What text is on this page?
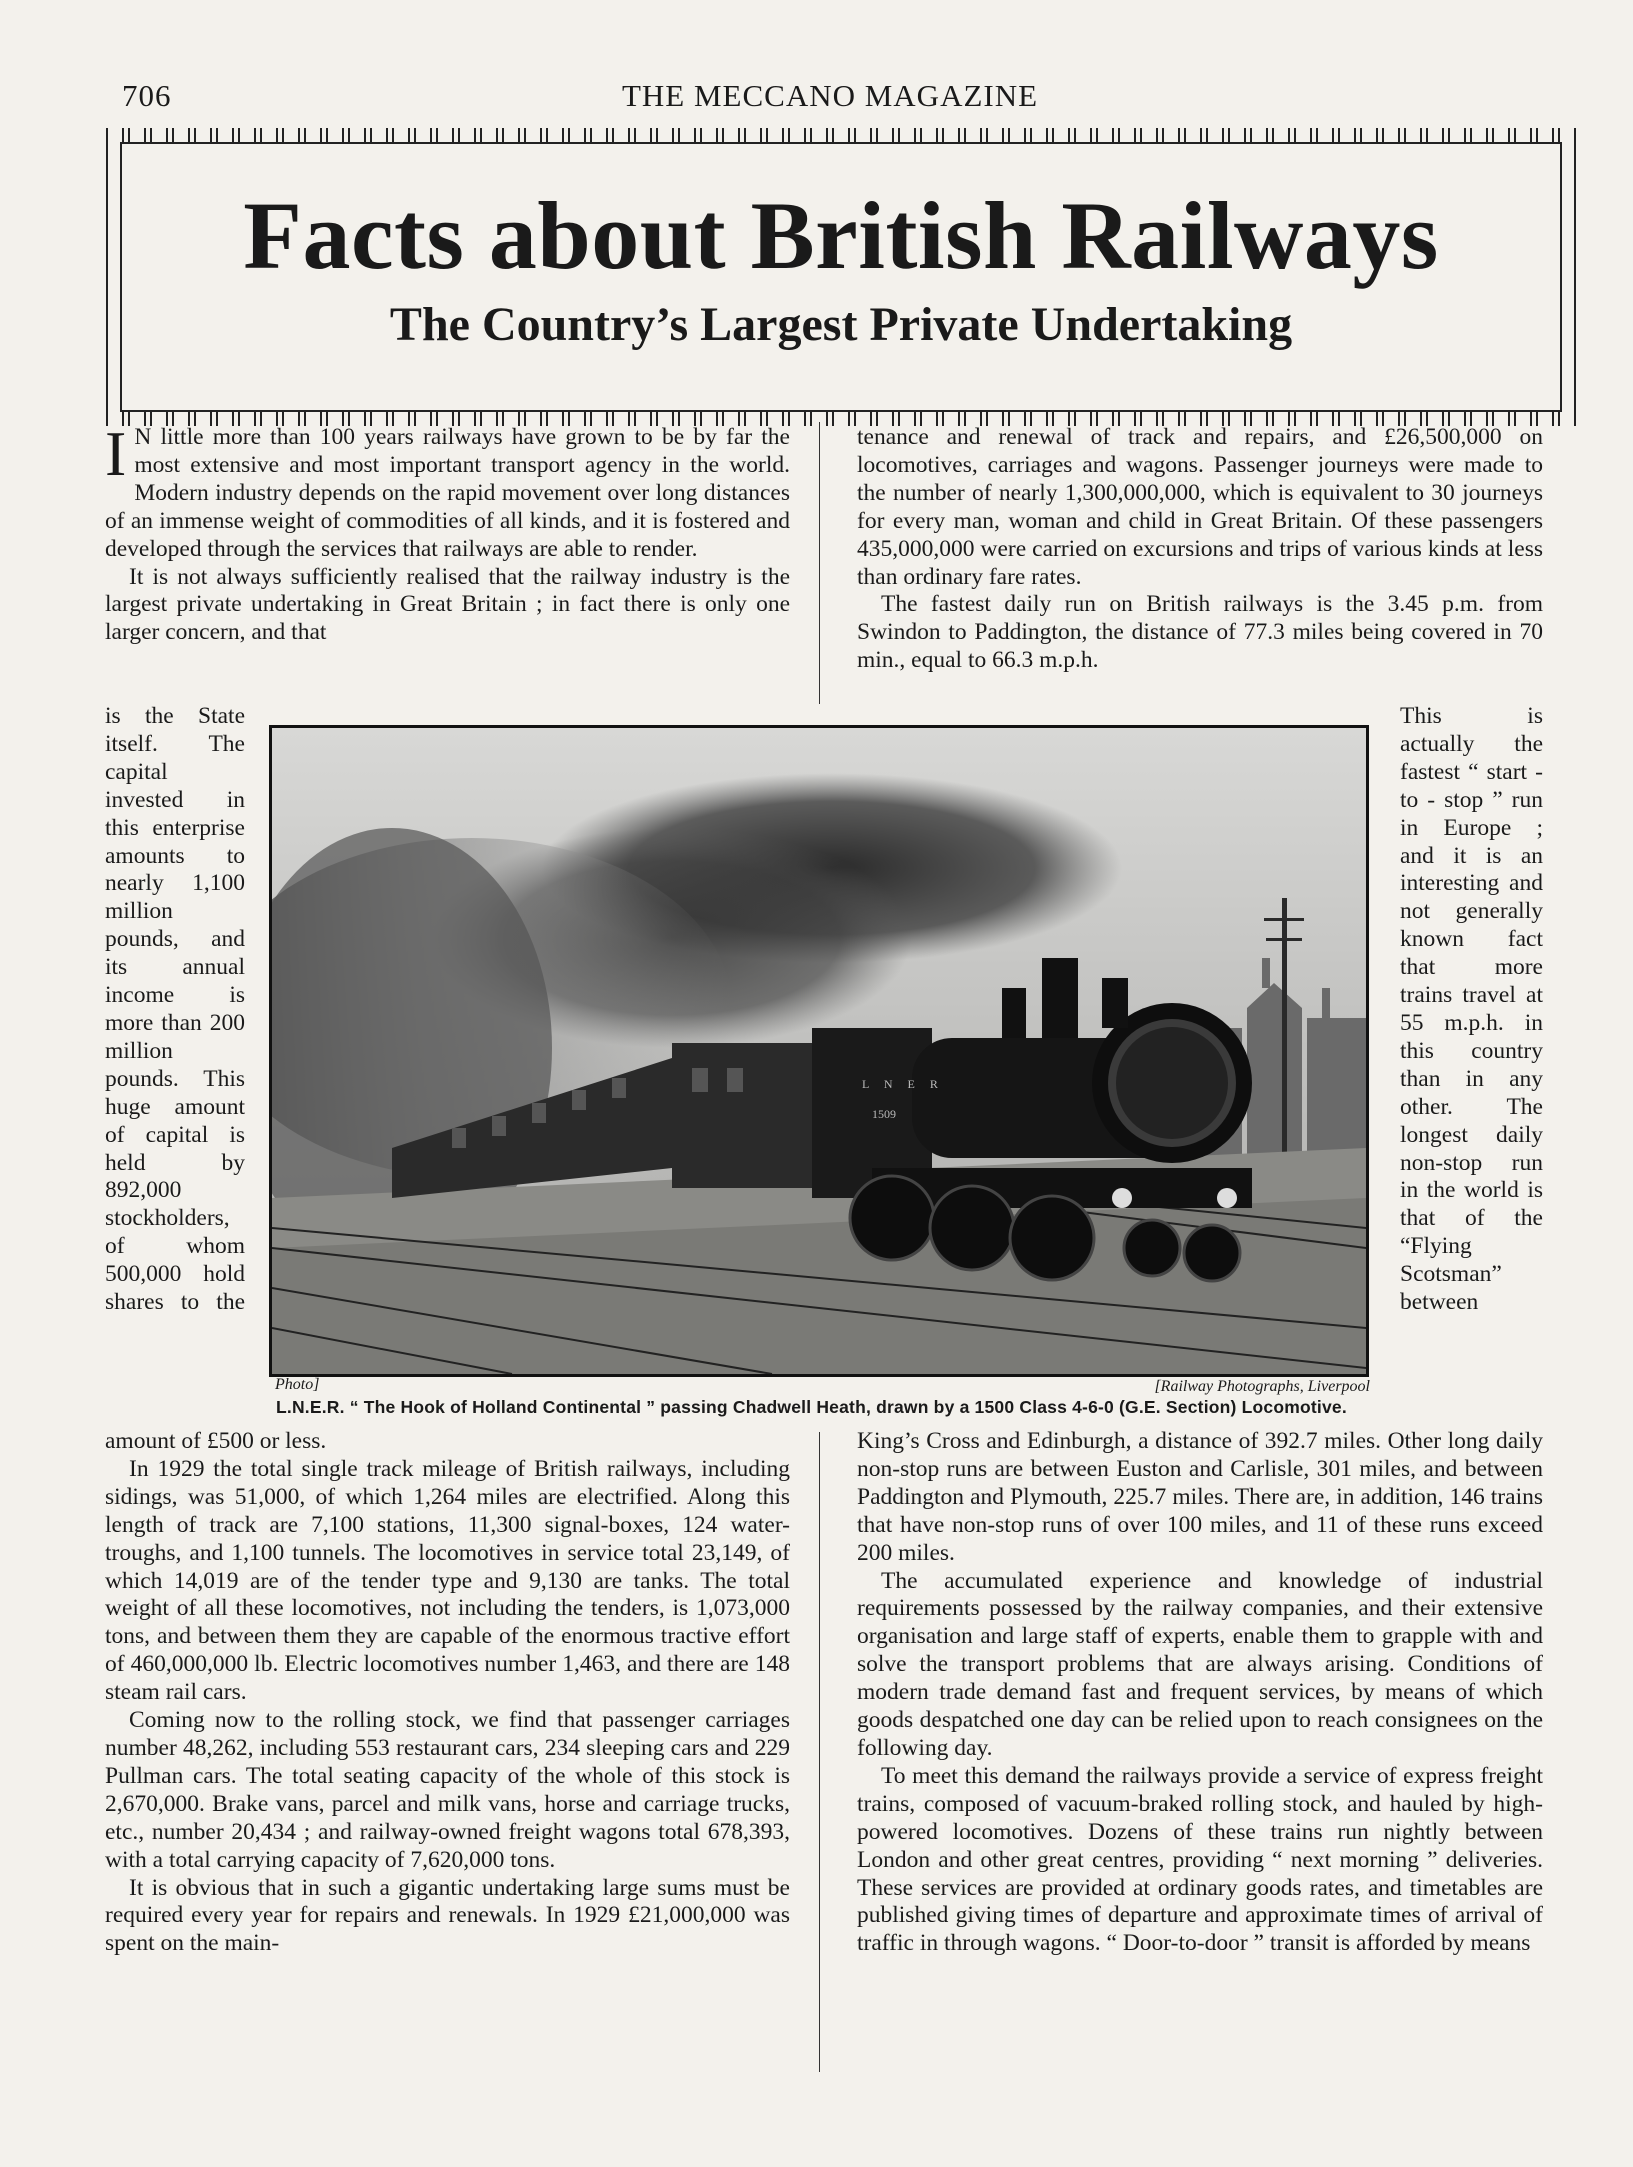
706	THE MECCANO MAGAZINE
Facts about British Railways
The Country’s Largest Private Undertaking

I N little more than 100 years railways have grown to be by far the most extensive and most important transport agency in the world. Modern industry depends on the rapid movement over long distances of an immense weight of commodities of all kinds, and it is fostered and developed through the services that railways are able to render.

It is not always sufficiently realised that the railway industry is the largest private undertaking in Great Britain ; in fact there is only one larger concern, and that

tenance and renewal of track and repairs, and £26,500,000 on locomotives, carriages and wagons. Passenger journeys were made to the number of nearly 1,300,000,000, which is equivalent to 30 journeys for every man, woman and child in Great Britain. Of these passengers 435,000,000 were carried on excursions and trips of various kinds at less than ordinary fare rates.

The fastest daily run on British railways is the 3.45 p.m. from Swindon to Paddington, the distance of 77.3 miles being covered in 70 min., equal to 66.3 m.p.h.

is the State itself. The capital invested in this enterprise amounts to nearly 1,100 million pounds, and its annual income is more than 200 million pounds. This huge amount of capital is held by 892,000 stockholders, of whom 500,000 hold shares to the

This is actually the fastest “ start - to - stop ” run in Europe ; and it is an interesting and not generally known fact that more trains travel at 55 m.p.h. in this country than in any other. The longest daily non-stop run in the world is that of the “Flying Scotsman” between

L N E R
1509
Photo]	[Railway Photographs, Liverpool
L.N.E.R. “ The Hook of Holland Continental ” passing Chadwell Heath, drawn by a 1500 Class 4-6-0 (G.E. Section) Locomotive.

amount of £500 or less.

In 1929 the total single track mileage of British railways, including sidings, was 51,000, of which 1,264 miles are electrified. Along this length of track are 7,100 stations, 11,300 signal-boxes, 124 water-troughs, and 1,100 tunnels. The locomotives in service total 23,149, of which 14,019 are of the tender type and 9,130 are tanks. The total weight of all these locomotives, not including the tenders, is 1,073,000 tons, and between them they are capable of the enormous tractive effort of 460,000,000 lb. Electric locomotives number 1,463, and there are 148 steam rail cars.

Coming now to the rolling stock, we find that passenger carriages number 48,262, including 553 restaurant cars, 234 sleeping cars and 229 Pullman cars. The total seating capacity of the whole of this stock is 2,670,000. Brake vans, parcel and milk vans, horse and carriage trucks, etc., number 20,434 ; and railway-owned freight wagons total 678,393, with a total carrying capacity of 7,620,000 tons.

It is obvious that in such a gigantic undertaking large sums must be required every year for repairs and renewals. In 1929 £21,000,000 was spent on the main-

King’s Cross and Edinburgh, a distance of 392.7 miles. Other long daily non-stop runs are between Euston and Carlisle, 301 miles, and between Paddington and Plymouth, 225.7 miles. There are, in addition, 146 trains that have non-stop runs of over 100 miles, and 11 of these runs exceed 200 miles.

The accumulated experience and knowledge of industrial requirements possessed by the railway companies, and their extensive organisation and large staff of experts, enable them to grapple with and solve the transport problems that are always arising. Conditions of modern trade demand fast and frequent services, by means of which goods despatched one day can be relied upon to reach consignees on the following day.

To meet this demand the railways provide a service of express freight trains, composed of vacuum-braked rolling stock, and hauled by high-powered locomotives. Dozens of these trains run nightly between London and other great centres, providing “ next morning ” deliveries. These services are provided at ordinary goods rates, and timetables are published giving times of departure and approximate times of arrival of traffic in through wagons. “ Door-to-door ” transit is afforded by means
